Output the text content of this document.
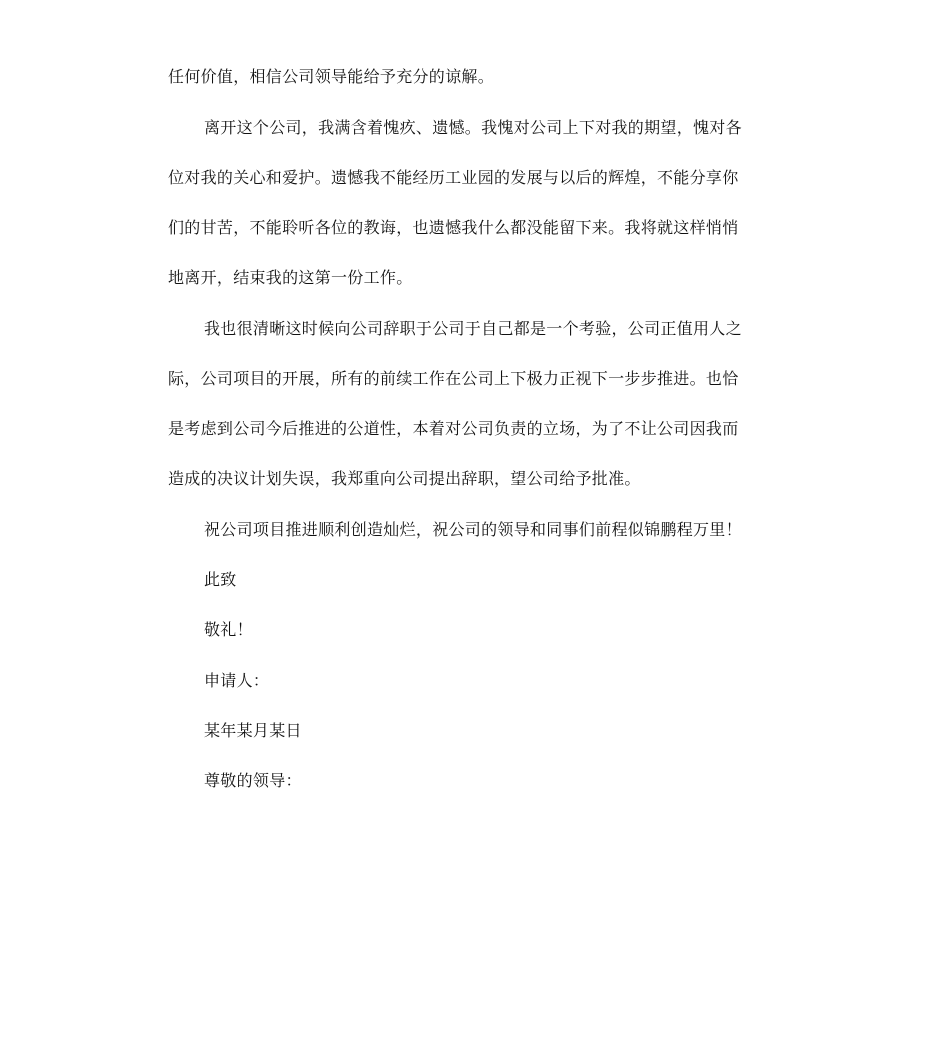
任何价值，相信公司领导能给予充分的谅解。
离开这个公司，我满含着愧疚、遗憾。我愧对公司上下对我的期望，愧对各
位对我的关心和爱护。遗憾我不能经历工业园的发展与以后的辉煌，不能分享你
们的甘苦，不能聆听各位的教诲，也遗憾我什么都没能留下来。我将就这样悄悄
地离开，结束我的这第一份工作。
我也很清晰这时候向公司辞职于公司于自己都是一个考验，公司正值用人之
际，公司项目的开展，所有的前续工作在公司上下极力正视下一步步推进。也恰
是考虑到公司今后推进的公道性，本着对公司负责的立场，为了不让公司因我而
造成的决议计划失误，我郑重向公司提出辞职，望公司给予批准。
祝公司项目推进顺利创造灿烂，祝公司的领导和同事们前程似锦鹏程万里！
此致
敬礼！
申请人：
某年某月某日
尊敬的领导：
